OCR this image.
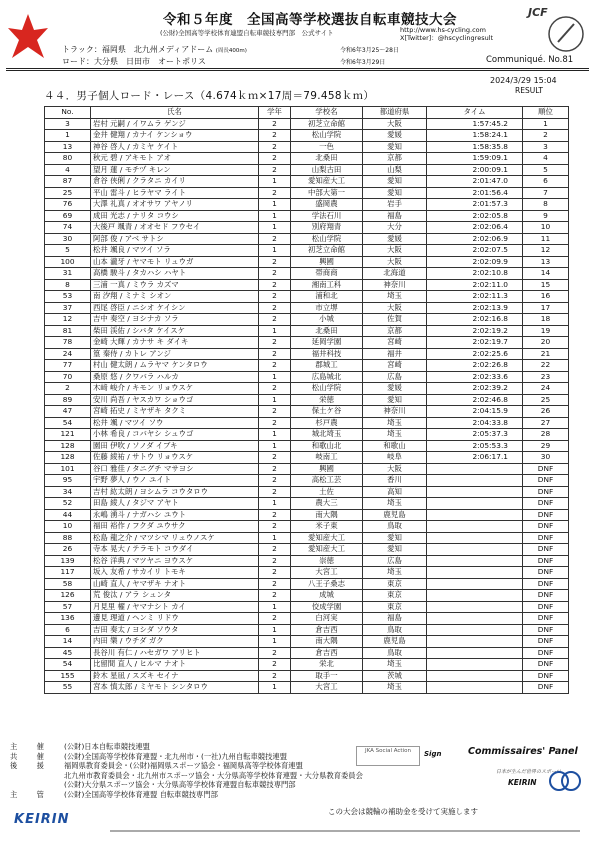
令和５年度　全国高等学校選抜自転車競技大会
(公財)全国高等学校体育連盟自転車競技専門部　公式サイト	http://www.hs-cycling.com
X[Twitter]：@hscyclingresult
JCF
トラック：福岡県　北九州メディアドーム (周長400m)	令和6年3月25～28日
ロード：大分県　日田市　オートポリス	令和6年3月29日	Communiqué. No.81
2024/3/29 15:04
RESULT
４４．男子個人ロード・レース（4.674ｋｍ×17周＝79.458ｋｍ）
No.	氏名	学年	学校名	都道府県	タイム	順位
3	岩村 元嗣 / イワムラ ゲンジ	2	初芝立命館	大阪	1:57:45.2	1
1	金井 健翔 / カナイ ケンショウ	2	松山学院	愛媛	1:58:24.1	2
13	神谷 啓人 / カミヤ ケイト	2	一色	愛知	1:58:35.8	3
80	秋元 碧 / アキモト アオ	2	北桑田	京都	1:59:09.1	4
4	望月 蓮 / モチヅ キレン	2	山梨古田	山梨	2:00:09.1	5
87	倉谷 侠俐 / クラタニ カイリ	1	愛知産大工	愛知	2:01:47.0	6
25	平山 雷斗 / ヒラヤマ ライト	2	中部大第一	愛知	2:01:56.4	7
76	大澤 礼真 / オオサワ アヤノリ	1	盛岡農	岩手	2:01:57.3	8
69	成田 光志 / ナリタ コウシ	1	学法石川	福島	2:02:05.8	9
74	大後戸 颯青 / オオセド フウセイ	1	別府翔青	大分	2:02:06.4	10
30	阿部 俊 / アベ サトシ	2	松山学院	愛媛	2:02:06.9	11
5	松井 颯良 / マツイ ソラ	1	初芝立命館	大阪	2:02:07.5	12
100	山本 瀧牙 / ヤマモト リュウガ	2	興國	大阪	2:02:09.9	13
31	高橋 駿斗 / タカハシ ハヤト	2	帯商商	北海道	2:02:10.8	14
8	三浦 一真 / ミウラ カズマ	2	湘南工科	神奈川	2:02:11.0	15
53	南 汐翔 / ミナミ シオン	2	浦和北	埼玉	2:02:11.3	16
37	西尾 啓臣 / ニシオ ケイシン	2	市立堺	大阪	2:02:13.9	17
12	吉中 奏空 / ヨシナカ ソラ	2	小城	佐賀	2:02:16.8	18
81	柴田 渓佑 / シバタ ケイスケ	1	北桑田	京都	2:02:19.2	19
78	金崎 大輝 / カナサ キ ダイキ	2	延岡学園	宮崎	2:02:19.7	20
24	篁 秦侍 / カトレ アンジ	2	福井科技	福井	2:02:25.6	21
77	村山 健太朗 / ムラヤマ ケンタロウ	2	郡城工	宮崎	2:02:26.8	22
70	桑原 悠 / クワバラ ハルカ	1	広島城北	広島	2:02:33.6	23
2	木﨑 峻介 / キモン リョウスケ	2	松山学院	愛媛	2:02:39.2	24
89	安川 尚吾 / ヤスカワ ショウゴ	1	栄徳	愛知	2:02:46.8	25
47	宮崎 拓史 / ミヤザキ タクミ	2	保土ケ谷	神奈川	2:04:15.9	26
54	松井 颯 / マツイ ソウ	2	杉戸農	埼玉	2:04:33.8	27
121	小林 希良 / コバヤシ シュウゴ	1	城北埼玉	埼玉	2:05:37.3	28
128	園田 伊吹 / ソノダ イブキ	1	和歌山北	和歌山	2:05:53.3	29
128	佐藤 綾祐 / サトウ リョウスケ	2	岐南工	岐阜	2:06:17.1	30
101	谷口 雅佳 / タニグチ マサヨシ	2	興國	大阪		DNF
95	宇野 夢人 / ウノ ユイト	2	高松工芸	香川		DNF
34	吉村 紘太朗 / ヨシムラ コウタロウ	2	土佐	高知		DNF
52	田島 綾人 / タジマ アヤト	1	農大三	埼玉		DNF
44	永嶋 湧斗 / ナガハシ ユウト	2	南大隅	鹿児島		DNF
10	福田 裕作 / フクダ ユウサク	2	米子東	鳥取		DNF
88	松島 龍之介 / マツシマ リュウノスケ	1	愛知産大工	愛知		DNF
26	寺本 晃大 / テラモト コウダイ	2	愛知産大工	愛知		DNF
139	松谷 洋典 / マツヤニ ヨウスケ	2	崇徳	広島		DNF
117	坂入 友希 / サカイリ トモキ	2	大宮工	埼玉		DNF
58	山崎 直人 / ヤマザキ ナオト	2	八王子桑志	東京		DNF
126	荒 俊汰 / アラ シュンタ	2	成城	東京		DNF
57	月見里 櫂 / ヤマナシト カイ	1	佼成学園	東京		DNF
136	邊見 理道 / ヘンミ リドウ	2	白河実	福島		DNF
6	吉田 奏太 / ヨシダ ソウタ	1	倉吉西	鳥取		DNF
14	内田 樂 / ウチダ ガク	1	南大隅	鹿児島		DNF
45	長谷川 有仁 / ハセガワ アリヒト	2	倉吉西	鳥取		DNF
54	比留間 直人 / ヒルマ ナオト	2	栄北	埼玉		DNF
155	鈴木 星凪 / スズキ セイナ	2	取手一	茨城		DNF
55	宮本 慎太郎 / ミヤモト シンタロウ	1	大宮工	埼玉		DNF
主　催 (公財)日本自転車競技連盟
共　催 (公財)全国高等学校体育連盟・北九州市・(一社)九州自転車競技連盟
後　援 福岡県教育委員会・(公財)福岡県スポーツ協会・福岡県高等学校体育連盟
北九州市教育委員会・北九州市スポーツ協会・大分県高等学校体育連盟・大分県教育委員会
(公財)大分県スポーツ協会・大分県高等学校体育連盟自転車競技専門部
主　管 (公財)全国高等学校体育連盟 自転車競技専門部
JKA Social Action	Sign	Commissaires' Panel
日本が生んだ世界のスポーツ
KEIRIN
この大会は競輪の補助金を受けて実施します
KEIRIN
